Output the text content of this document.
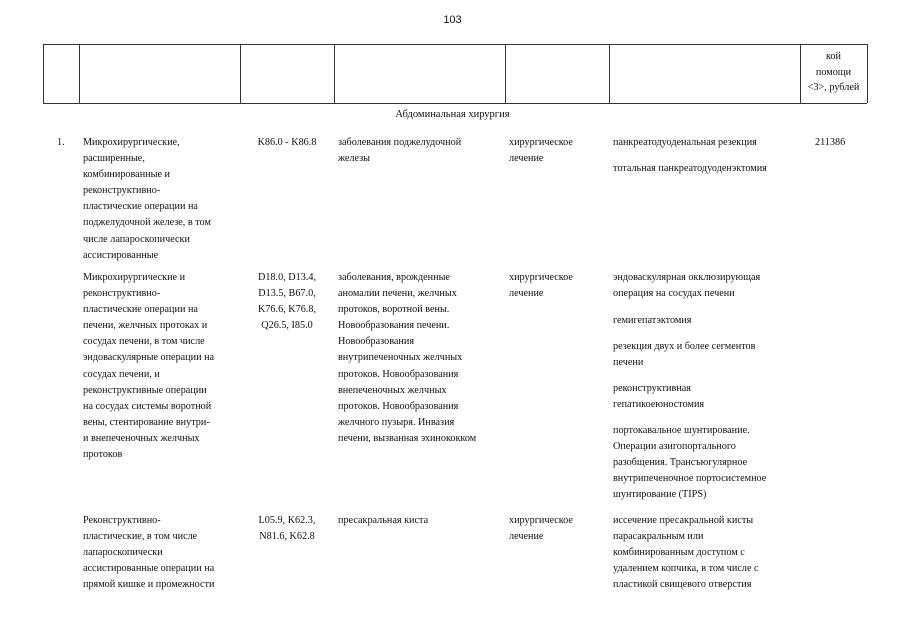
103
кой
помощи
<3>, рублей
Абдоминальная хирургия
1. Микрохирургические,
расширенные,
комбинированные и
реконструктивно-
пластические операции на
поджелудочной железе, в том
числе лапароскопически
ассистированные
K86.0 - K86.8	заболевания поджелудочной
железы
хирургическое
лечение
панкреатодуоденальная резекция
тотальная панкреатодуоденэктомия
211386
Микрохирургические и
реконструктивно-
пластические операции на
печени, желчных протоках и
сосудах печени, в том числе
эндоваскулярные операции на
сосудах печени, и
реконструктивные операции
на сосудах системы воротной
вены, стентирование внутри-
и внепеченочных желчных
протоков
D18.0, D13.4,
D13.5, B67.0,
K76.6, K76.8,
Q26.5, I85.0
заболевания, врожденные
аномалии печени, желчных
протоков, воротной вены.
Новообразования печени.
Новообразования
внутрипеченочных желчных
протоков. Новообразования
внепеченочных желчных
протоков. Новообразования
желчного пузыря. Инвазия
печени, вызванная эхинококком
хирургическое
лечение
эндоваскулярная окклюзирующая
операция на сосудах печени
гемигепатэктомия
резекция двух и более сегментов
печени
реконструктивная
гепатикоеюностомия
портокавальное шунтирование.
Операции азигопортального
разобщения. Трансъюгулярное
внутрипеченочное портосистемное
шунтирование (TIPS)
Реконструктивно-
пластические, в том числе
лапароскопически
ассистированные операции на
прямой кишке и промежности
L05.9, K62.3,
N81.6, K62.8
пресакральная киста	хирургическое
лечение
иссечение пресакральной кисты
парасакральным или
комбинированным доступом с
удалением копчика, в том числе с
пластикой свищевого отверстия
